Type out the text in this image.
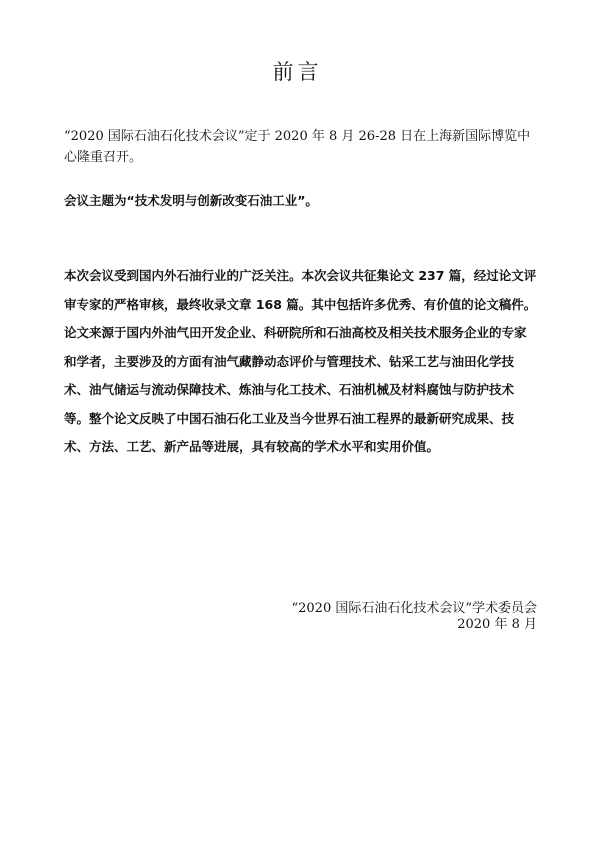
前言
“2020 国际石油石化技术会议”定于 2020 年 8 月 26-28 日在上海新国际博览中心隆重召开。
会议主题为“技术发明与创新改变石油工业”。
本次会议受到国内外石油行业的广泛关注。本次会议共征集论文 237 篇，经过论文评审专家的严格审核，最终收录文章 168 篇。其中包括许多优秀、有价值的论文稿件。论文来源于国内外油气田开发企业、科研院所和石油高校及相关技术服务企业的专家和学者，主要涉及的方面有油气藏静动态评价与管理技术、钻采工艺与油田化学技术、油气储运与流动保障技术、炼油与化工技术、石油机械及材料腐蚀与防护技术等。整个论文反映了中国石油石化工业及当今世界石油工程界的最新研究成果、技术、方法、工艺、新产品等进展，具有较高的学术水平和实用价值。
“2020 国际石油石化技术会议”学术委员会
2020 年 8 月
